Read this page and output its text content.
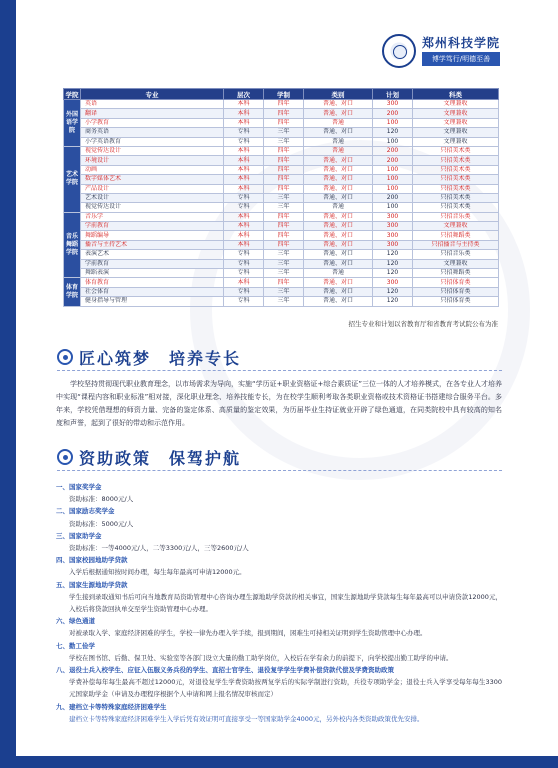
郑州科技学院
博学笃行/明德至善
学院	专业	层次	学制	类别	计划	科类
外国语学院	英语	本科	四年	普通、对口	300	文理兼收
	翻译	本科	四年	普通、对口	200	文理兼收
	小学教育	本科	四年	普通	100	文理兼收
	商务英语	专科	三年	普通、对口	120	文理兼收
	小学英语教育	专科	三年	普通	100	文理兼收
艺术学院	视觉传达设计	本科	四年	普通	200	只招美术类
	环境设计	本科	四年	普通、对口	200	只招美术类
	动画	本科	四年	普通、对口	100	只招美术类
	数字媒体艺术	本科	四年	普通、对口	100	只招美术类
	产品设计	本科	四年	普通、对口	100	只招美术类
	艺术设计	专科	三年	普通、对口	200	只招美术类
	视觉传达设计	专科	三年	普通	100	只招美术类
音乐舞蹈学院	音乐学	本科	四年	普通、对口	300	只招音乐类
	学前教育	本科	四年	普通、对口	300	文理兼收
	舞蹈编导	本科	四年	普通、对口	300	只招舞蹈类
	播音与主持艺术	本科	四年	普通、对口	300	只招播音与主持类
	表演艺术	专科	三年	普通、对口	120	只招音乐类
	学前教育	专科	三年	普通、对口	120	文理兼收
	舞蹈表演	专科	三年	普通	120	只招舞蹈类
体育学院	体育教育	本科	四年	普通、对口	300	只招体育类
	社会体育	专科	三年	普通、对口	120	只招体育类
	健身指导与管理	专科	三年	普通、对口	120	只招体育类
招生专业和计划以省教育厅和省教育考试院公布为准
匠心筑梦　培养专长
学校坚持贯彻现代职业教育理念，以市场需求为导向，实施“学历证+职业资格证+综合素质证”三位一体的人才培养模式，在各专业人才培养中实现“课程内容和职业标准”相对接，深化职业理念、培养技能专长，为在校学生顺利考取各类职业资格或技术资格证书搭建综合服务平台。多年来，学校凭借理想的师资力量、完备的鉴定体系、高质量的鉴定效果，为历届毕业生持证就业开辟了绿色通道，在同类院校中具有较高的知名度和声誉，起到了很好的带动和示范作用。
资助政策　保驾护航
一、国家奖学金
资助标准：8000元/人
二、国家励志奖学金
资助标准：5000元/人
三、国家助学金
资助标准：一等4000元/人，二等3300元/人，三等2600元/人
四、国家校园地助学贷款
入学后根据通知按时间办理，每生每年最高可申请12000元。
五、国家生源地助学贷款
学生接到录取通知书后可向当地教育局资助管理中心咨询办理生源地助学贷款的相关事宜，国家生源地助学贷款每生每年最高可以申请贷款12000元，入校后将贷款回执单交至学生资助管理中心办理。
六、绿色通道
对被录取入学、家庭经济困难的学生，学校一律先办理入学手续，报到期间，困难生可持相关证明到学生资助管理中心办理。
七、勤工俭学
学校在图书馆、后勤、保卫处、实验室等各部门设立大量的勤工助学岗位，入校后在学有余力的前提下，向学校提出勤工助学的申请。
八、退役士兵入校学生、应征入伍服义务兵役的学生、直招士官学生、退役复学学生学费补偿贷款代偿及学费资助政策
学费补偿每年每生最高不超过12000元，对退役复学生学费资助按两复学后的实际学制进行资助，兵役专项助学金；退役士兵入学享受每年每生3300元国家助学金（申请及办理程序根据个人申请和网上报名情况审核而定）
九、建档立卡等特殊家庭经济困难学生
建档立卡等特殊家庭经济困难学生入学后凭有效证明可直接享受一等国家助学金4000元，另外校内各类资助政策优先安排。
